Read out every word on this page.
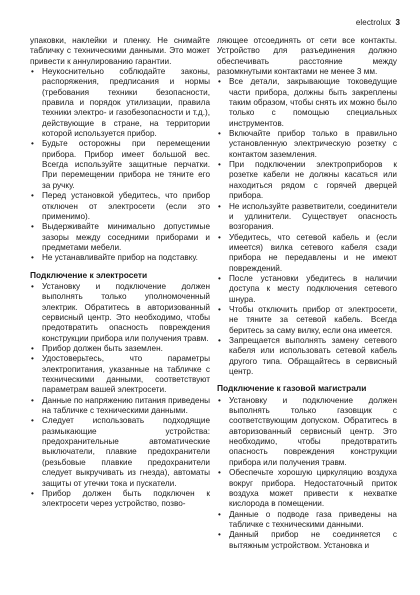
electrolux 3

упаковки, наклейки и пленку. Не снимайте табличку с техническими данными. Это может привести к аннулированию гарантии.

• Неукоснительно соблюдайте законы, распоряжения, предписания и нормы (требования техники безопасности, правила и порядок утилизации, правила техники электро- и газобезопасности и т.д.), действующие в стране, на территории которой используется прибор.
• Будьте осторожны при перемещении прибора. Прибор имеет большой вес. Всегда используйте защитные перчатки. При перемещении прибора не тяните его за ручку.
• Перед установкой убедитесь, что прибор отключен от электросети (если это применимо).
• Выдерживайте минимально допустимые зазоры между соседними приборами и предметами мебели.
• Не устанавливайте прибор на подставку.
Подключение к электросети
• Установку и подключение должен выполнять только уполномоченный электрик. Обратитесь в авторизованный сервисный центр. Это необходимо, чтобы предотвратить опасность повреждения конструкции прибора или получения травм.
• Прибор должен быть заземлен.
• Удостоверьтесь, что параметры электропитания, указанные на табличке с техническими данными, соответствуют параметрам вашей электросети.
• Данные по напряжению питания приведены на табличке с техническими данными.
• Следует использовать подходящие размыкающие устройства: предохранительные автоматические выключатели, плавкие предохранители (резьбовые плавкие предохранители следует выкручивать из гнезда), автоматы защиты от утечки тока и пускатели.
• Прибор должен быть подключен к электросети через устройство, позво-

ляющее отсоединять от сети все контакты. Устройство для разъединения должно обеспечивать расстояние между разомкнутыми контактами не менее 3 мм.

• Все детали, закрывающие токоведущие части прибора, должны быть закреплены таким образом, чтобы снять их можно было только с помощью специальных инструментов.
• Включайте прибор только в правильно установленную электрическую розетку с контактом заземления.
• При подключении электроприборов к розетке кабели не должны касаться или находиться рядом с горячей дверцей прибора.
• Не используйте разветвители, соединители и удлинители. Существует опасность возгорания.
• Убедитесь, что сетевой кабель и (если имеется) вилка сетевого кабеля сзади прибора не передавлены и не имеют повреждений.
• После установки убедитесь в наличии доступа к месту подключения сетевого шнура.
• Чтобы отключить прибор от электросети, не тяните за сетевой кабель. Всегда беритесь за саму вилку, если она имеется.
• Запрещается выполнять замену сетевого кабеля или использовать сетевой кабель другого типа. Обращайтесь в сервисный центр.
Подключение к газовой магистрали
• Установку и подключение должен выполнять только газовщик с соответствующим допуском. Обратитесь в авторизованный сервисный центр. Это необходимо, чтобы предотвратить опасность повреждения конструкции прибора или получения травм.
• Обеспечьте хорошую циркуляцию воздуха вокруг прибора. Недостаточный приток воздуха может привести к нехватке кислорода в помещении.
• Данные о подводе газа приведены на табличке с техническими данными.
• Данный прибор не соединяется с вытяжным устройством. Установка и
